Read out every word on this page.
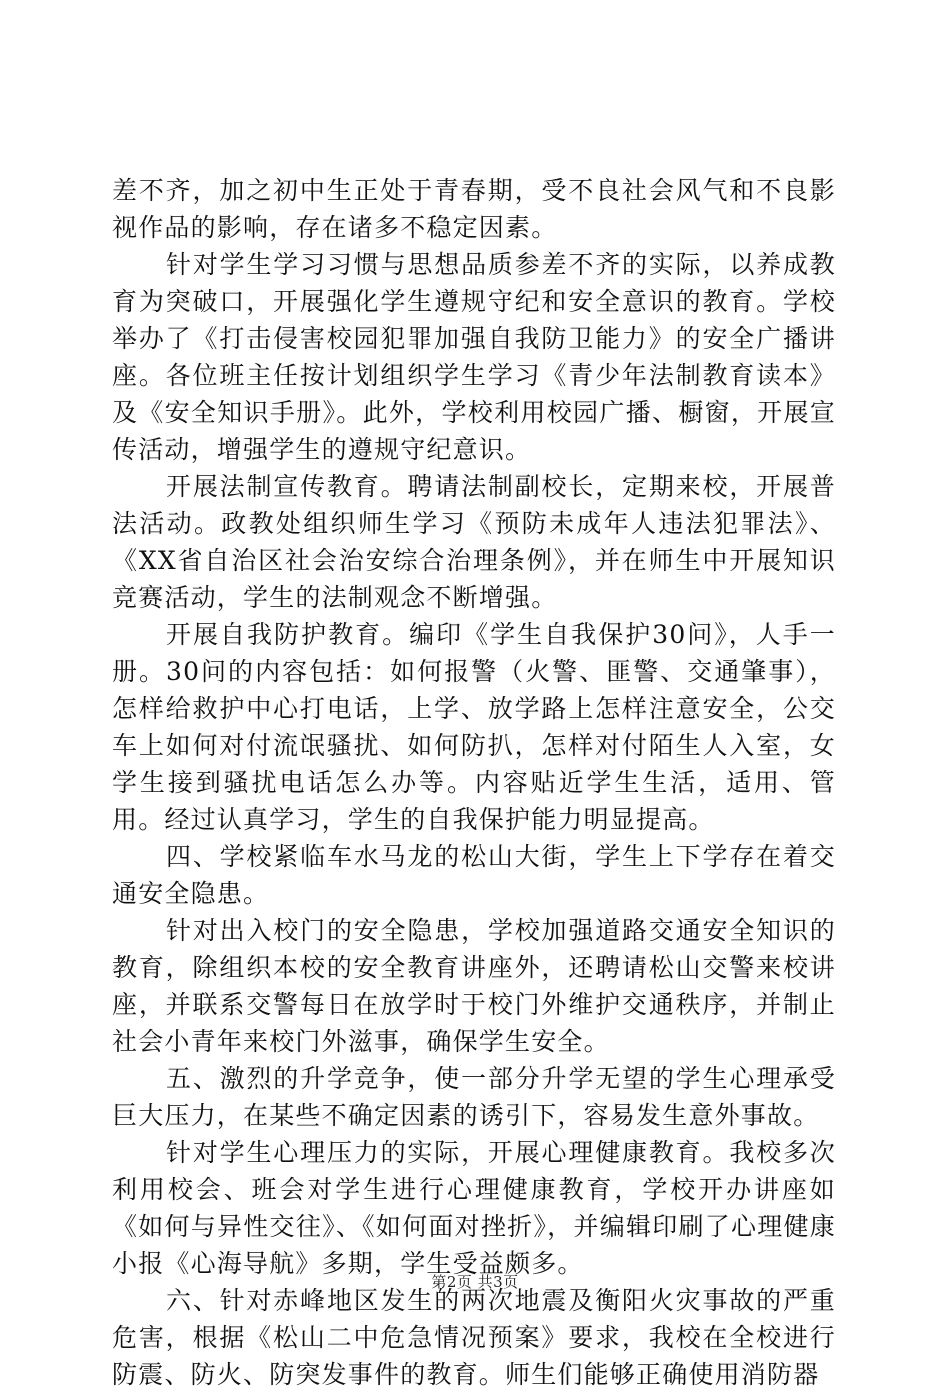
差不齐，加之初中生正处于青春期，受不良社会风气和不良影视作品的影响，存在诸多不稳定因素。

针对学生学习习惯与思想品质参差不齐的实际，以养成教育为突破口，开展强化学生遵规守纪和安全意识的教育。学校举办了《打击侵害校园犯罪加强自我防卫能力》的安全广播讲座。各位班主任按计划组织学生学习《青少年法制教育读本》及《安全知识手册》。此外，学校利用校园广播、橱窗，开展宣传活动，增强学生的遵规守纪意识。

开展法制宣传教育。聘请法制副校长，定期来校，开展普法活动。政教处组织师生学习《预防未成年人违法犯罪法》、《XX省自治区社会治安综合治理条例》，并在师生中开展知识竞赛活动，学生的法制观念不断增强。

开展自我防护教育。编印《学生自我保护30问》，人手一册。30问的内容包括：如何报警（火警、匪警、交通肇事），怎样给救护中心打电话，上学、放学路上怎样注意安全，公交车上如何对付流氓骚扰、如何防扒，怎样对付陌生人入室，女学生接到骚扰电话怎么办等。内容贴近学生生活，适用、管用。经过认真学习，学生的自我保护能力明显提高。

四、学校紧临车水马龙的松山大街，学生上下学存在着交通安全隐患。

针对出入校门的安全隐患，学校加强道路交通安全知识的教育，除组织本校的安全教育讲座外，还聘请松山交警来校讲座，并联系交警每日在放学时于校门外维护交通秩序，并制止社会小青年来校门外滋事，确保学生安全。

五、激烈的升学竞争，使一部分升学无望的学生心理承受巨大压力，在某些不确定因素的诱引下，容易发生意外事故。

针对学生心理压力的实际，开展心理健康教育。我校多次利用校会、班会对学生进行心理健康教育，学校开办讲座如《如何与异性交往》、《如何面对挫折》，并编辑印刷了心理健康小报《心海导航》多期，学生受益颇多。

六、针对赤峰地区发生的两次地震及衡阳火灾事故的严重危害，根据《松山二中危急情况预案》要求，我校在全校进行防震、防火、防突发事件的教育。师生们能够正确使用消防器

第2页 共3页
